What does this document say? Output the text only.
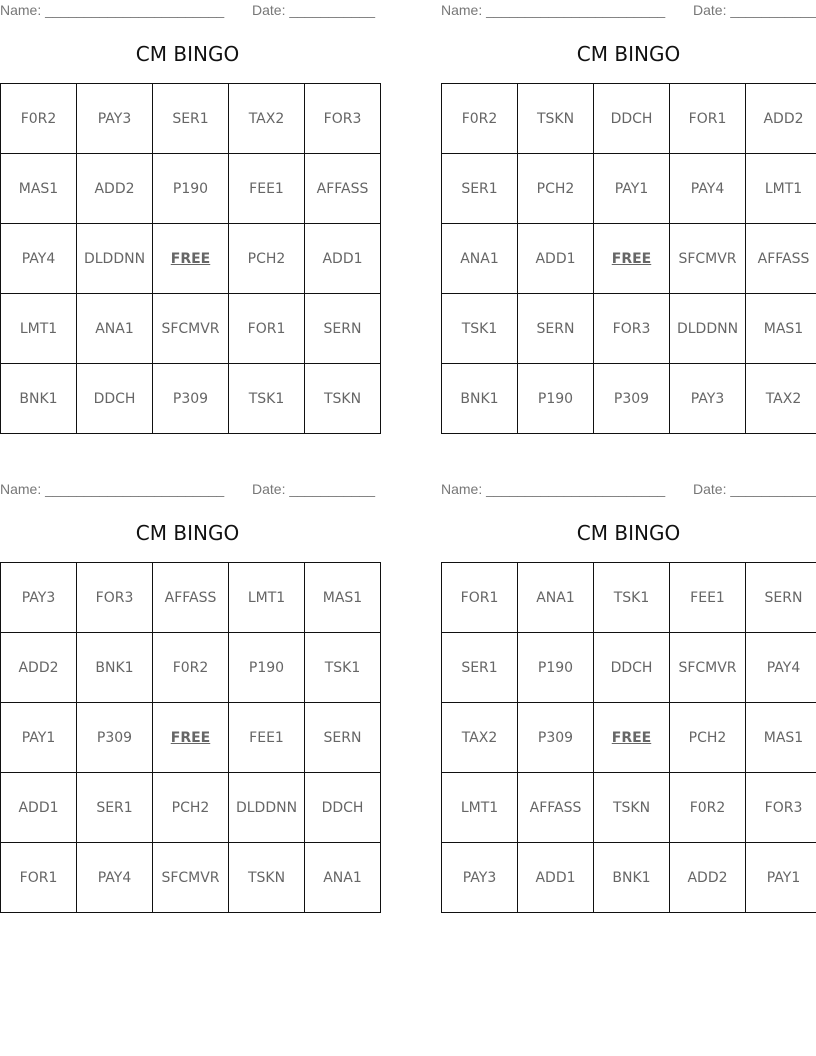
Name: _______________________ Date: ___________
CM BINGO
F0R2	PAY3	SER1	TAX2	FOR3
MAS1	ADD2	P190	FEE1	AFFASS
PAY4	DLDDNN	FREE	PCH2	ADD1
LMT1	ANA1	SFCMVR	FOR1	SERN
BNK1	DDCH	P309	TSK1	TSKN
Name: _______________________ Date: ___________
CM BINGO
F0R2	TSKN	DDCH	FOR1	ADD2
SER1	PCH2	PAY1	PAY4	LMT1
ANA1	ADD1	FREE	SFCMVR	AFFASS
TSK1	SERN	FOR3	DLDDNN	MAS1
BNK1	P190	P309	PAY3	TAX2
Name: _______________________ Date: ___________
CM BINGO
PAY3	FOR3	AFFASS	LMT1	MAS1
ADD2	BNK1	F0R2	P190	TSK1
PAY1	P309	FREE	FEE1	SERN
ADD1	SER1	PCH2	DLDDNN	DDCH
FOR1	PAY4	SFCMVR	TSKN	ANA1
Name: _______________________ Date: ___________
CM BINGO
FOR1	ANA1	TSK1	FEE1	SERN
SER1	P190	DDCH	SFCMVR	PAY4
TAX2	P309	FREE	PCH2	MAS1
LMT1	AFFASS	TSKN	F0R2	FOR3
PAY3	ADD1	BNK1	ADD2	PAY1
